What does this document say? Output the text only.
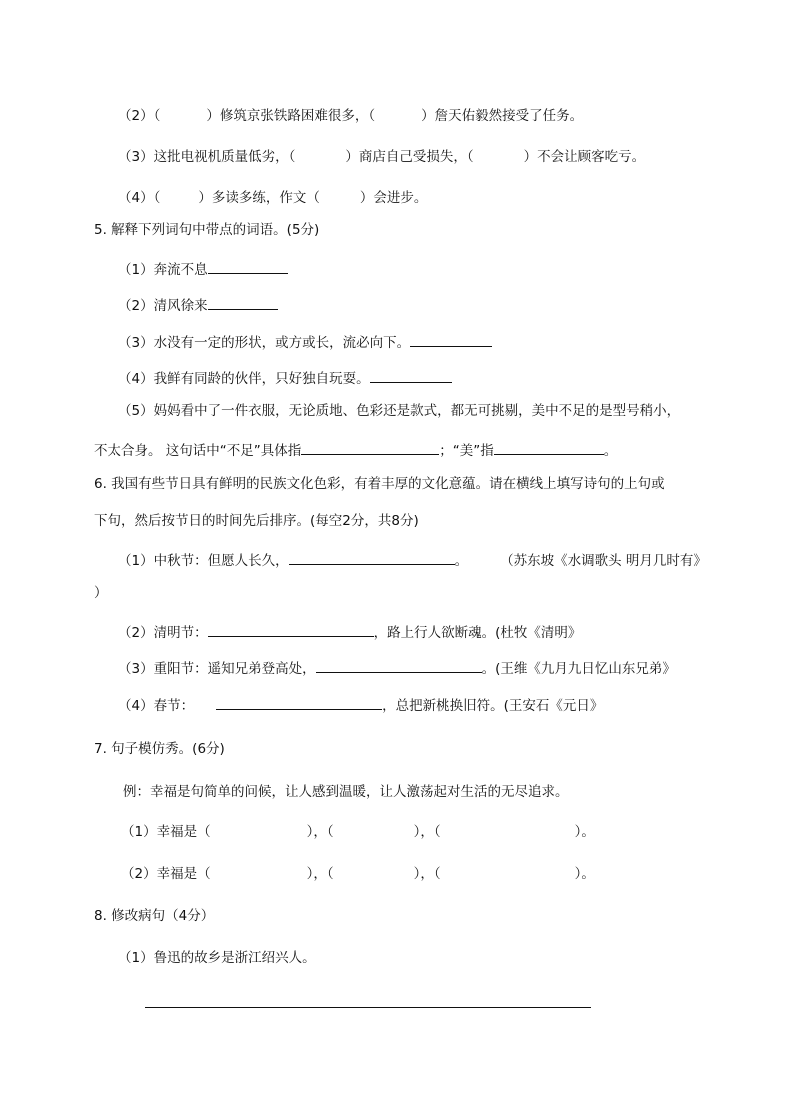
（2）（	）修筑京张铁路困难很多，（	）詹天佑毅然接受了任务。
（3）这批电视机质量低劣，（	）商店自己受损失，（	）不会让顾客吃亏。
（4）（	）多读多练，作文（	）会进步。
5. 解释下列词句中带点的词语。(5分)
（1）奔流不息
（2）清风徐来
（3）水没有一定的形状，或方或长，流必向下。
（4）我鲜有同龄的伙伴，只好独自玩耍。
（5）妈妈看中了一件衣服，无论质地、色彩还是款式，都无可挑剔，美中不足的是型号稍小，
不太合身。 这句话中“不足”具体指	；“美”指	。
6. 我国有些节日具有鲜明的民族文化色彩，有着丰厚的文化意蕴。请在横线上填写诗句的上句或
下句，然后按节日的时间先后排序。(每空2分，共8分)
（1）中秋节：但愿人长久，	。 （苏东坡《水调歌头 明月几时有》
）
（2）清明节：	，路上行人欲断魂。(杜牧《清明》
（3）重阳节：遥知兄弟登高处，	。(王维《九月九日忆山东兄弟》
（4）春节：	，总把新桃换旧符。(王安石《元日》
7. 句子模仿秀。(6分)
例：幸福是句简单的问候，让人感到温暖，让人激荡起对生活的无尽追求。
（1）幸福是（	），（	），（	）。
（2）幸福是（	），（	），（	）。
8. 修改病句（4分）
（1）鲁迅的故乡是浙江绍兴人。
